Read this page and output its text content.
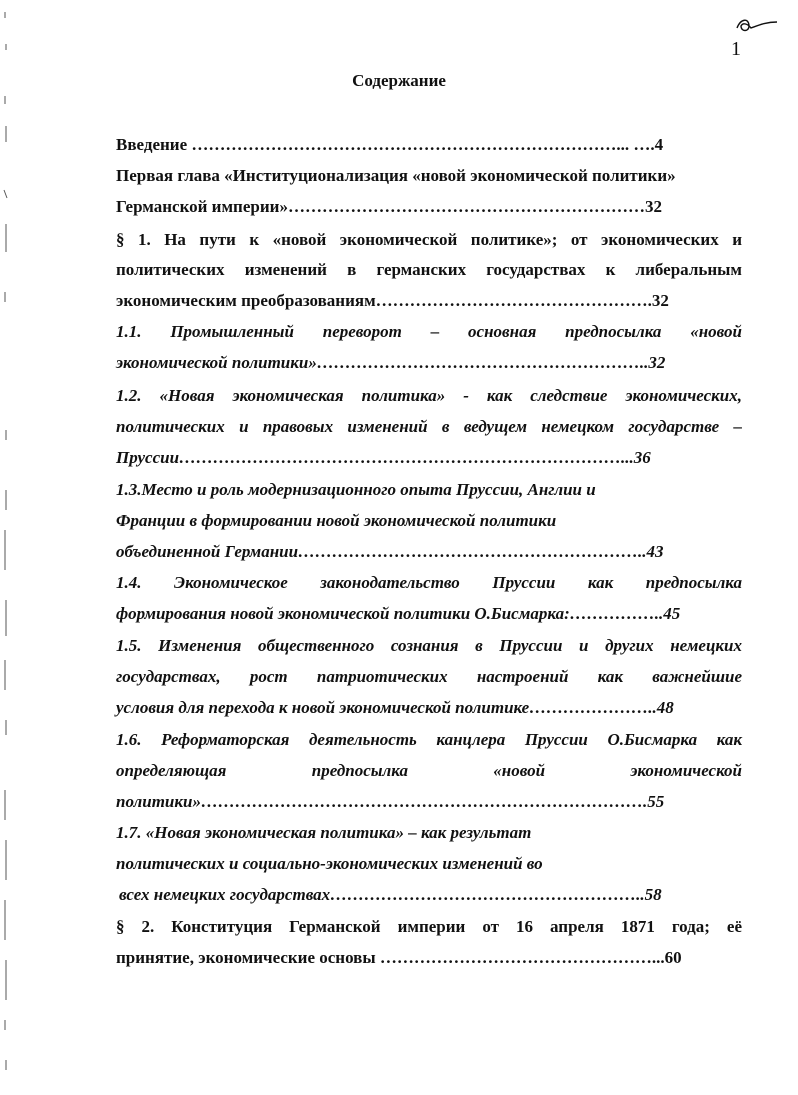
1
Содержание
Введение …………………………………………………………………... ….4
Первая глава «Институционализация «новой экономической политики»
Германской империи»………………………………………………………32
§ 1. На пути к «новой экономической политике»; от экономических и
политических изменений в германских государствах к либеральным
экономическим преобразованиям………………………………………….32
1.1. Промышленный переворот – основная предпосылка «новой
экономической политики»…………………………………………………..32
1.2. «Новая экономическая политика» - как следствие экономических,
политических и правовых изменений в ведущем немецком государстве –
Пруссии……………………………………………………………………...36
1.3.Место и роль модернизационного опыта Пруссии, Англии и
Франции в формировании новой экономической политики
объединенной Германии……………………………………………………..43
1.4. Экономическое законодательство Пруссии как предпосылка
формирования новой экономической политики О.Бисмарка:……………..45
1.5. Изменения общественного сознания в Пруссии и других немецких
государствах, рост патриотических настроений как важнейшие
условия для перехода к новой экономической политике…………………..48
1.6. Реформаторская деятельность канцлера Пруссии О.Бисмарка как
определяющая предпосылка «новой экономической
политики»…………………………………………………………………….55
1.7. «Новая экономическая политика» – как результат
политических и социально-экономических изменений во
всех немецких государствах………………………………………………..58
§ 2. Конституция Германской империи от 16 апреля 1871 года; её
принятие, экономические основы …………………………………………...60
